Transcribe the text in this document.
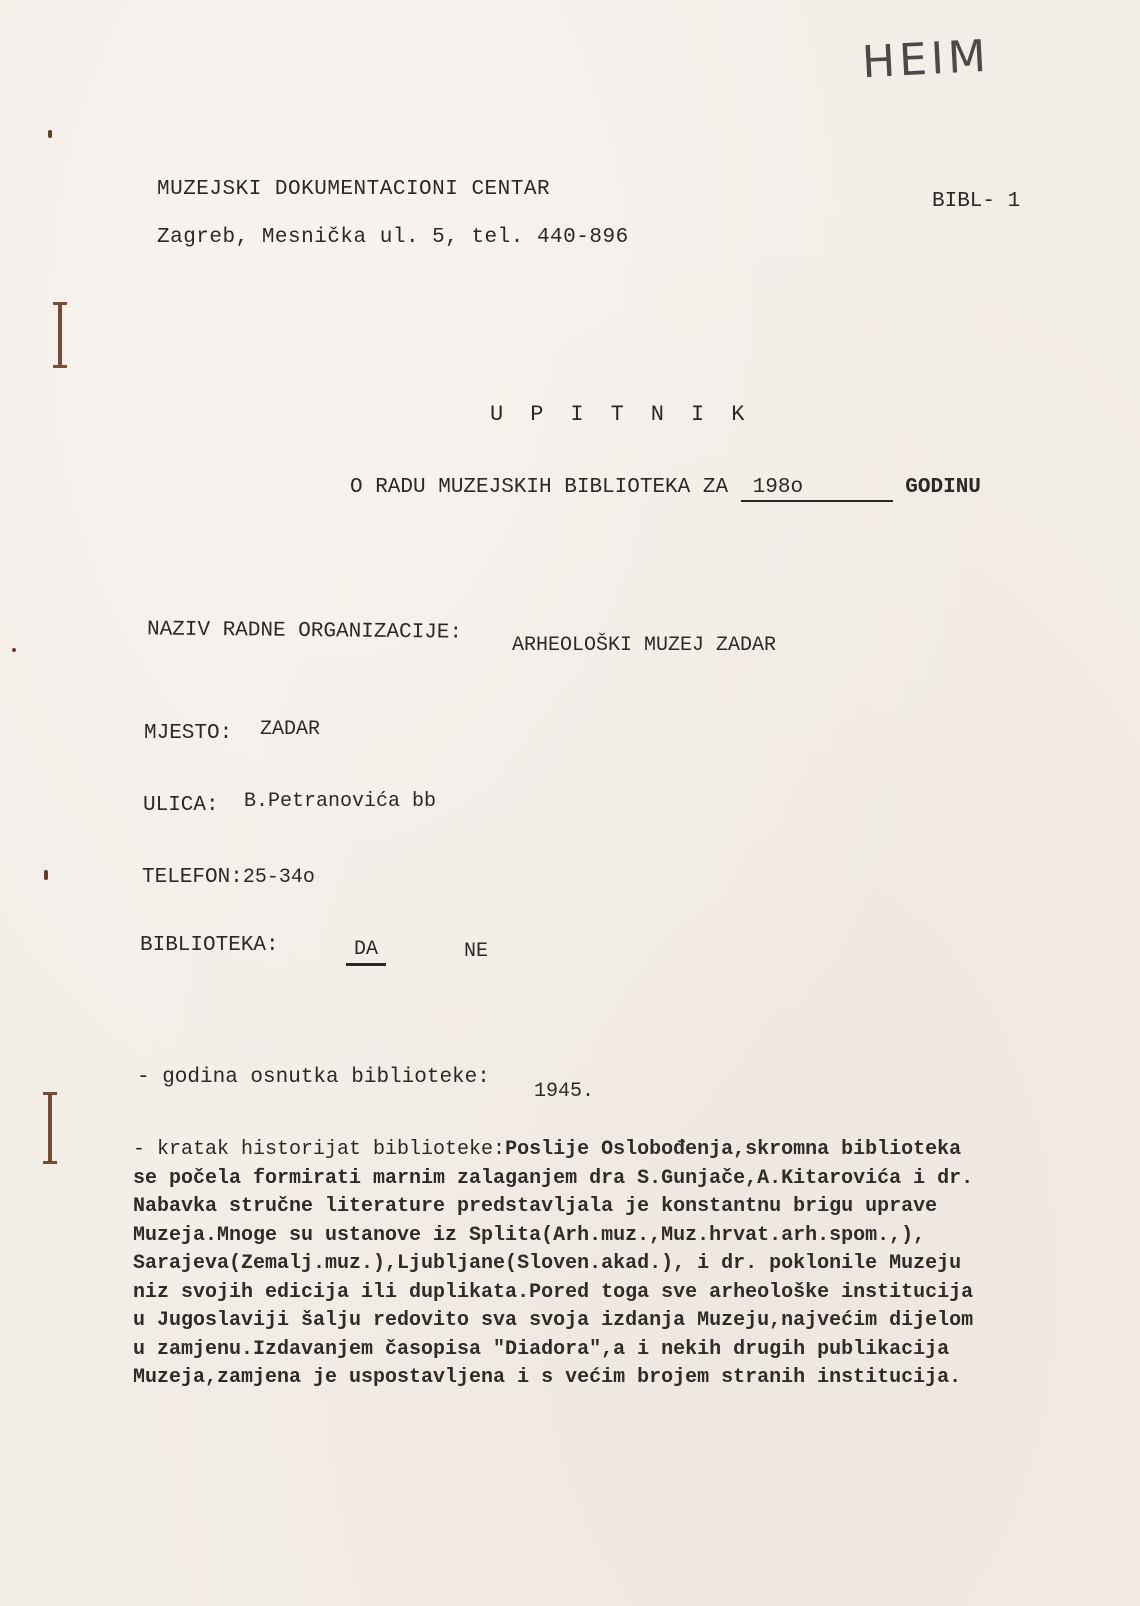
HEIM
MUZEJSKI DOKUMENTACIONI CENTAR
Zagreb, Mesnička ul. 5, tel. 440-896
BIBL- 1
UPITNIK
O RADU MUZEJSKIH BIBLIOTEKA ZA 198o	GODINU
NAZIV RADNE ORGANIZACIJE:
ARHEOLOŠKI MUZEJ ZADAR
MJESTO: ZADAR
ULICA: B.Petranovića bb
TELEFON:25-34o
BIBLIOTEKA:	DA	NE
- godina osnutka biblioteke:
1945.
- kratak historijat biblioteke:Poslije Oslobođenja,skromna biblioteka
se počela formirati marnim zalaganjem dra S.Gunjače,A.Kitarovića i dr.
Nabavka stručne literature predstavljala je konstantnu brigu uprave
Muzeja.Mnoge su ustanove iz Splita(Arh.muz.,Muz.hrvat.arh.spom.,),
Sarajeva(Zemalj.muz.),Ljubljane(Sloven.akad.), i dr. poklonile Muzeju
niz svojih edicija ili duplikata.Pored toga sve arheološke institucija
u Jugoslaviji šalju redovito sva svoja izdanja Muzeju,najvećim dijelom
u zamjenu.Izdavanjem časopisa "Diadora",a i nekih drugih publikacija
Muzeja,zamjena je uspostavljena i s većim brojem stranih institucija.
